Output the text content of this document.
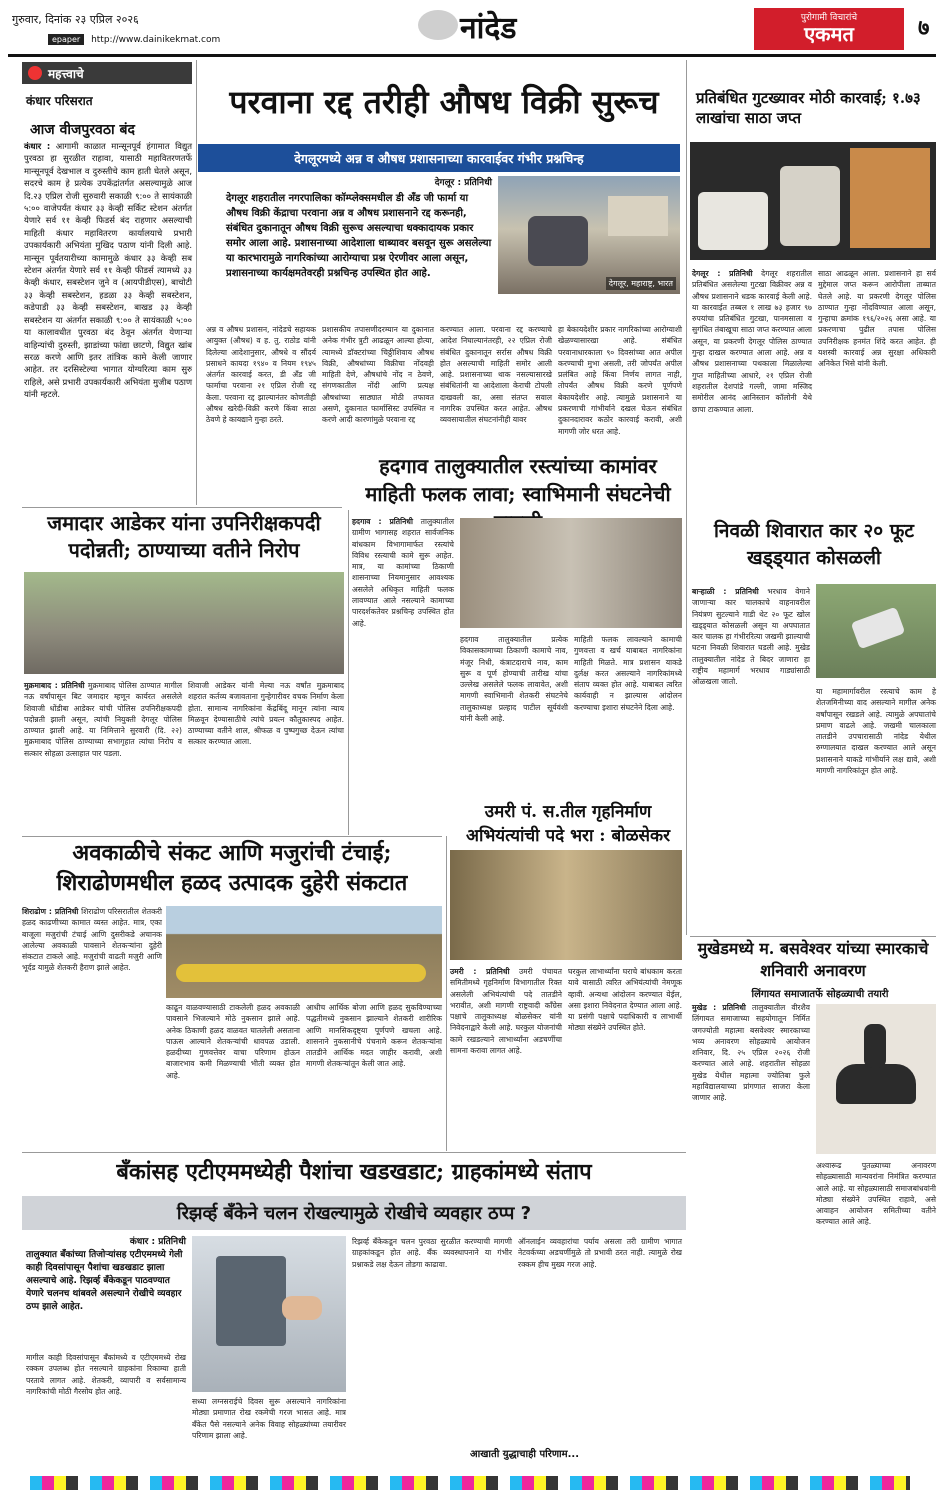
गुरुवार, दिनांक २३ एप्रिल २०२६
epaper http://www.dainikekmat.com	नांदेड	पुरोगामी विचारांचे
एकमत	७
महत्त्वाचे
कंधार परिसरात
आज वीजपुरवठा बंद
कंधार : आगामी काळात मान्सूनपूर्व हंगामात विद्युत पुरवठा हा सुरळीत राहावा, यासाठी महावितरणतर्फे मान्सूनपूर्व देखभाल व दुरुस्तीचे काम हाती घेतले असून, सदरचे काम हे प्रत्येक उपकेंद्रांतर्गत असल्यामुळे आज दि.२३ एप्रिल रोजी सुरुवारी सकाळी ९:०० ते सायंकाळी ५:०० वाजेपर्यंत कंधार ३३ केव्ही सर्किट स्टेशन अंतर्गत येणारे सर्व ११ केव्ही फिडर्स बंद राहणार असल्याची माहिती कंधार महावितरण कार्यालयाचे प्रभारी उपकार्यकारी अभियंता मुखिद पठाण यांनी दिली आहे. मान्सून पूर्वतयारीच्या कामामुळे कंधार ३३ केव्ही सब स्टेशन अंतर्गत येणारे सर्व ११ केव्ही फीडर्स त्यामध्ये ३३ केव्ही कंधार, सबस्टेशन जुने व (आयपीडीएस), बाचोटी ३३ केव्ही सबस्टेशन, हडळा ३३ केव्ही सबस्टेशन, कडेपाडी ३३ केव्ही सबस्टेशन, बाखड ३३ केव्ही सबस्टेशन या अंतर्गत सकाळी ९:०० ते सायंकाळी ५:०० या कालावधीत पुरवठा बंद ठेवून अंतर्गत येणाऱ्या वाहिन्यांची दुरुस्ती, झाडांच्या फांद्या छाटणे, विद्युत खांब सरळ करणे आणि इतर तांत्रिक कामे केली जाणार आहेत. तर दरसिस्टेल्या भागात योग्यरित्या काम सुरु राहिले, असे प्रभारी उपकार्यकारी अभियंता मुजीब पठाण यांनी म्हटले.
परवाना रद्द तरीही औषध विक्री सुरूच
देगलूरमध्ये अन्न व औषध प्रशासनाच्या कारवाईवर गंभीर प्रश्नचिन्ह
देगलूर : प्रतिनिधी
देगलूर शहरातील नगरपालिका कॉम्प्लेक्समधील डी अँड जी फार्मा या औषध विक्री केंद्राचा परवाना अन्न व औषध प्रशासनाने रद्द करूनही, संबंधित दुकानातून औषध विक्री सुरूच असल्याचा धक्कादायक प्रकार समोर आला आहे. प्रशासनाच्या आदेशाला धाब्यावर बसवून सुरू असलेल्या या कारभारामुळे नागरिकांच्या आरोग्याचा प्रश्न ऐरणीवर आला असून, प्रशासनाच्या कार्यक्षमतेवरही प्रश्नचिन्ह उपस्थित होत आहे.
देगलूर, महाराष्ट्र, भारत
अन्न व औषध प्रशासन, नांदेडचे सहायक आयुक्त (औषध) व ह. तु. राठोड यांनी दिलेल्या आदेशानुसार, औषधे व सौंदर्य प्रसाधने कायदा १९४० व नियम १९४५ अंतर्गत कारवाई करत, डी अँड जी फार्माचा परवाना २१ एप्रिल रोजी रद्द केला. परवाना रद्द झाल्यानंतर कोणतीही औषध खरेदी-विक्री करणे किंवा साठा ठेवणे हे कायद्याने गुन्हा ठरते.
प्रशासकीय तपासणीदरम्यान या दुकानात अनेक गंभीर त्रुटी आढळून आल्या होत्या, त्यामध्ये डॉक्टरांच्या चिठ्ठीशिवाय औषध विक्री, औषधांच्या विक्रीचा नोंदवही माहिती देणे, औषधांचे नोंद न ठेवणे, संगणकातील नोंदी आणि प्रत्यक्ष औषधांच्या साठ्यात मोठी तफावत असणे, दुकानात फार्मासिस्ट उपस्थित न करणे आदी कारणांमुळे परवाना रद्द
करण्यात आला. परवाना रद्द करण्याचे आदेश निघाल्यानंतरही, २२ एप्रिल रोजी संबंधित दुकानातून सर्रास औषध विक्री होत असल्याची माहिती समोर आली आहे. प्रशासनाच्या थाक नसल्यासारखे संबंधितांनी या आदेशाला केराची टोपली दाखवली का, असा संतप्त सवाल नागरिक उपस्थित करत आहेत. औषध व्यवसायातील संघटनांनीही यावर
हा बेकायदेशीर प्रकार नागरिकांच्या आरोग्याशी खेळण्यासारखा आहे. संबंधित परवानाधारकाला ९० दिवसांच्या आत अपील करण्याची मुभा असली, तरी जोपर्यंत अपील प्रलंबित आहे किंवा निर्णय लागत नाही, तोपर्यंत औषध विक्री करणे पूर्णपणे बेकायदेशीर आहे. त्यामुळे प्रशासनाने या प्रकरणाची गांभीर्याने दखल घेऊन संबंधित दुकानदारावर कठोर कारवाई करावी, अशी मागणी जोर धरत आहे.
प्रतिबंधित गुटख्यावर मोठी कारवाई; १.७३ लाखांचा साठा जप्त
देगलूर : प्रतिनिधी देगलूर शहरातील प्रतिबंधित असलेल्या गुटखा विक्रीवर अन्न व औषध प्रशासनाने धडक कारवाई केली आहे. या कारवाईत तब्बल १ लाख ७३ हजार ९७ रुपयांचा प्रतिबंधित गुटखा, पानमसाला व सुगंधित तंबाखूचा साठा जप्त करण्यात आला असून, या प्रकरणी देगलूर पोलिस ठाण्यात गुन्हा दाखल करण्यात आला आहे. अन्न व औषध प्रशासनाच्या पथकाला मिळालेल्या गुप्त माहितीच्या आधारे, २१ एप्रिल रोजी शहरातील देशपांडे गल्ली, जामा मस्जिद समोरील आनंद आनिस्तान कॉलोनी येथे छापा टाकण्यात आला.
साठा आढळून आला. प्रशासनाने हा सर्व मुद्देमाल जप्त करून आरोपीला ताब्यात घेतले आहे. या प्रकरणी देगलूर पोलिस ठाण्यात गुन्हा नोंदविण्यात आला असून, गुन्हाचा क्रमांक १९६/२०२६ असा आहे. या प्रकरणाचा पुढील तपास पोलिस उपनिरीक्षक हनमंत शिंदे करत आहेत. ही यशस्वी कारवाई अन्न सुरक्षा अधिकारी अनिकेत भिसे यांनी केली.
जमादार आडेकर यांना उपनिरीक्षकपदी पदोन्नती; ठाण्याच्या वतीने निरोप
मुक्रमाबाद : प्रतिनिधी मुक्रमाबाद पोलिस ठाण्यात मागील नऊ वर्षांपासून बिट जमादार म्हणून कार्यरत असलेले शिवाजी धोंडीबा आडेकर यांची पोलिस उपनिरीक्षकपदी पदोन्नती झाली असून, त्यांची नियुक्ती देगलूर पोलिस ठाण्यात झाली आहे. या निमित्ताने सुरवारी (दि. २२) मुक्रमाबाद पोलिस ठाण्याच्या सभागृहात त्यांचा निरोप व सत्कार सोहळा उत्साहात पार पडला.
शिवाजी आडेकर यांनी मेल्या नऊ वर्षांत मुक्रमाबाद शहरात कर्तव्य बजावताना गुन्हेगारीवर वचक निर्माण केला होता. सामान्य नागरिकांना केंद्रबिंदू मानून त्यांना न्याय मिळवून देण्यासाठीचे त्यांचे प्रयत्न कौतुकास्पद आहेत. ठाण्याच्या वतीने शाल, श्रीफळ व पुष्पगुच्छ देऊन त्यांचा सत्कार करण्यात आला.
हदगाव तालुक्यातील रस्त्यांच्या कामांवर माहिती फलक लावा; स्वाभिमानी संघटनेची
हदगाव : प्रतिनिधी तालुक्यातील ग्रामीण भागासह शहरात सार्वजनिक बांधकाम विभागामार्फत रस्त्यांचे विविध रस्त्याची कामे सुरू आहेत. मात्र, या कामांच्या ठिकाणी शासनाच्या नियमानुसार आवश्यक असलेले अधिकृत माहिती फलक लावण्यात आले नसल्याने कामाच्या पारदर्शकतेवर प्रश्नचिन्ह उपस्थित होत आहे.
हदगाव तालुक्यातील प्रत्येक विकासकामाच्या ठिकाणी कामाचे नाव, मंजूर निधी, कंत्राटदाराचे नाव, काम सुरू व पूर्ण होण्याची तारीख यांचा उल्लेख असलेले फलक लावावेत, अशी मागणी स्वाभिमानी शेतकरी संघटनेचे तालुकाध्यक्ष प्रल्हाद पाटील सूर्यवंशी यांनी केली आहे.
माहिती फलक लावल्याने कामाची गुणवत्ता व खर्च याबाबत नागरिकांना माहिती मिळते. मात्र प्रशासन याकडे दुर्लक्ष करत असल्याने नागरिकांमध्ये संताप व्यक्त होत आहे. याबाबत त्वरित कार्यवाही न झाल्यास आंदोलन करण्याचा इशारा संघटनेने दिला आहे.
निवळी शिवारात कार २० फूट खड्ड्यात कोसळली
बाऱ्हाळी : प्रतिनिधी भरधाव वेगाने जाणाऱ्या कार चालकाचे वाहनावरील नियंत्रण सुटल्याने गाडी थेट २० फूट खोल खड्ड्यात कोसळली असून या अपघातात कार चालक हा गंभीररित्या जखमी झाल्याची घटना निवळी शिवारात घडली आहे. मुखेड तालुक्यातील नांदेड ते बिदर जाणारा हा राष्ट्रीय महामार्ग भरधाव गाड्यांसाठी ओळखला जातो.
या महामार्गावरील रस्त्याचे काम हे शेतजमिनीच्या वाद असल्याने मागील अनेक वर्षांपासून रखडले आहे. त्यामुळे अपघातांचे प्रमाण वाढले आहे. जखमी चालकाला तातडीने उपचारासाठी नांदेड येथील रुग्णालयात दाखल करण्यात आले असून प्रशासनाने याकडे गांभीर्याने लक्ष द्यावे, अशी मागणी नागरिकांतून होत आहे.
अवकाळीचे संकट आणि मजुरांची टंचाई; शिराढोणमधील हळद उत्पादक दुहेरी संकटात
शिराढोण : प्रतिनिधी शिराढोण परिसरातील शेतकरी हळद काढणीच्या कामात व्यस्त आहेत. मात्र, एका बाजूला मजुरांची टंचाई आणि दुसरीकडे अचानक आलेल्या अवकाळी पावसाने शेतकऱ्यांना दुहेरी संकटात टाकले आहे. मजुरांची वाढती मजुरी आणि भूर्दड यामुळे शेतकरी हैराण झाले आहेत.
काढून वाळवण्यासाठी टाकलेली हळद अवकाळी पावसाने भिजल्याने मोठे नुकसान झाले आहे. अनेक ठिकाणी हळद वाळवत घातलेली असताना पाऊस आल्याने शेतकऱ्यांची धावपळ उडाली. हळदीच्या गुणवत्तेवर याचा परिणाम होऊन बाजारभाव कमी मिळण्याची भीती व्यक्त होत आहे.
आधीच आर्थिक बोजा आणि हळद सुकविण्याच्या पद्धतीमध्ये नुकसान झाल्याने शेतकरी शारीरिक आणि मानसिकदृष्ट्या पूर्णपणे खचला आहे. शासनाने नुकसानीचे पंचनामे करून शेतकऱ्यांना तातडीने आर्थिक मदत जाहीर करावी, अशी मागणी शेतकऱ्यांतून केली जात आहे.
उमरी पं. स.तील गृहनिर्माण अभियंत्यांची पदे भरा : बोळसेकर
उमरी : प्रतिनिधी उमरी पंचायत समितीमध्ये गृहनिर्माण विभागातील रिक्त असलेली अभियंत्यांची पदे तातडीने भरावीत, अशी मागणी राष्ट्रवादी काँग्रेस पक्षाचे तालुकाध्यक्ष बोळसेकर यांनी निवेदनाद्वारे केली आहे. घरकुल योजनांची कामे रखडल्याने लाभार्थ्यांना अडचणींचा सामना करावा लागत आहे.
घरकुल लाभार्थ्यांना घराचे बांधकाम करता यावे यासाठी त्वरित अभियंत्यांची नेमणूक व्हावी. अन्यथा आंदोलन करण्यात येईल, असा इशारा निवेदनात देण्यात आला आहे. या प्रसंगी पक्षाचे पदाधिकारी व लाभार्थी मोठ्या संख्येने उपस्थित होते.
मुखेडमध्ये म. बसवेश्वर यांच्या स्मारकाचे शनिवारी अनावरण
लिंगायत समाजातर्फे सोहळ्याची तयारी
मुखेड : प्रतिनिधी तालुक्यातील वीरशैव लिंगायत समाजाच्या सहयोगातून निर्मित जगज्योती महात्मा बसवेश्वर स्मारकाच्या भव्य अनावरण सोहळ्याचे आयोजन शनिवार, दि. २५ एप्रिल २०२६ रोजी करण्यात आले आहे. शहरातील सोहळा मुखेड येथील महात्मा ज्योतिबा फुले महाविद्यालयाच्या प्रांगणात साजरा केला जाणार आहे.
अश्वारूढ पुतळ्याच्या अनावरण सोहळ्यासाठी मान्यवरांना निमंत्रित करण्यात आले आहे. या सोहळ्यासाठी समाजबांधवांनी मोठ्या संख्येने उपस्थित राहावे, असे आवाहन आयोजन समितीच्या वतीने करण्यात आले आहे.
बँकांसह एटीएममध्येही पैशांचा खडखडाट; ग्राहकांमध्ये संताप
रिझर्व्ह बँकेने चलन रोखल्यामुळे रोखीचे व्यवहार ठप्प ?
कंधार : प्रतिनिधी
तालुक्यात बँकांच्या तिजोऱ्यांसह एटीएममध्ये गेली काही दिवसांपासून पैशांचा खडखडाट झाला असल्याचे आहे. रिझर्व्ह बँकेकडून पाठवण्यात येणारे चलनच थांबवले असल्याने रोखीचे व्यवहार ठप्प झाले आहेत.
मागील काही दिवसांपासून बँकांमध्ये व एटीएममध्ये रोख रक्कम उपलब्ध होत नसल्याने ग्राहकांना रिकाम्या हाती परतावे लागत आहे. शेतकरी, व्यापारी व सर्वसामान्य नागरिकांची मोठी गैरसोय होत आहे.
सध्या लग्नसराईचे दिवस सुरू असल्याने नागरिकांना मोठ्या प्रमाणात रोख रकमेची गरज भासत आहे. मात्र बँकेत पैसे नसल्याने अनेक विवाह सोहळ्यांच्या तयारीवर परिणाम झाला आहे.
रिझर्व्ह बँकेकडून चलन पुरवठा सुरळीत करण्याची मागणी ग्राहकांकडून होत आहे. बँक व्यवस्थापनाने या गंभीर प्रश्नाकडे लक्ष देऊन तोडगा काढावा.
ऑनलाईन व्यवहारांचा पर्याय असला तरी ग्रामीण भागात नेटवर्कच्या अडचणींमुळे तो प्रभावी ठरत नाही. त्यामुळे रोख रक्कम हीच मुख्य गरज आहे.
आखाती युद्धाचाही परिणाम...
